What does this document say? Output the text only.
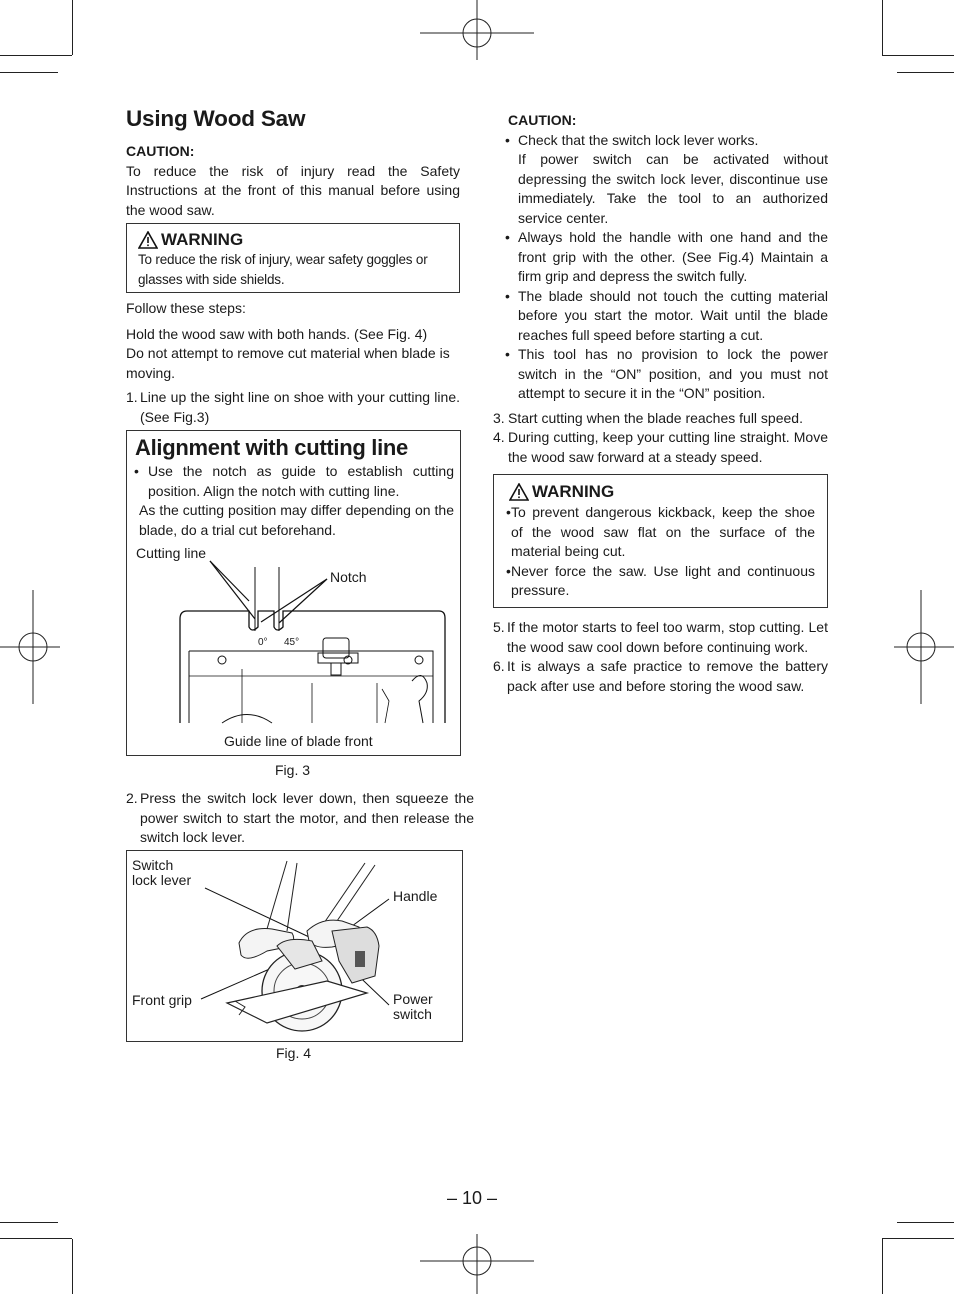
Using Wood Saw
CAUTION:

To reduce the risk of injury read the Safety Instructions at the front of this manual before using the wood saw.

WARNING

To reduce the risk of injury, wear safety goggles or glasses with side shields.

Follow these steps:

Hold the wood saw with both hands. (See Fig. 4)

Do not attempt to remove cut material when blade is moving.

1. Line up the sight line on shoe with your cutting line. (See Fig.3)
Alignment with cutting line
• Use the notch as guide to establish cutting position. Align the notch with cutting line.
As the cutting position may differ depending on the blade, do a trial cut beforehand.
Cutting line
Notch
0° 45°
Guide line of blade front
Fig. 3
2. Press the switch lock lever down, then squeeze the power switch to start the motor, and then release the switch lock lever.
Switch
lock lever
Handle
Front grip	Power
switch
Fig. 4
CAUTION:
• Check that the switch lock lever works.
If power switch can be activated without depressing the switch lock lever, discontinue use immediately. Take the tool to an authorized service center.
• Always hold the handle with one hand and the front grip with the other. (See Fig.4) Maintain a firm grip and depress the switch fully.
• The blade should not touch the cutting material before you start the motor. Wait until the blade reaches full speed before starting a cut.
• This tool has no provision to lock the power switch in the “ON” position, and you must not attempt to secure it in the “ON” position.
3. Start cutting when the blade reaches full speed.
4. During cutting, keep your cutting line straight. Move the wood saw forward at a steady speed.
WARNING
• To prevent dangerous kickback, keep the shoe of the wood saw flat on the surface of the material being cut.
• Never force the saw. Use light and continuous pressure.
5. If the motor starts to feel too warm, stop cutting. Let the wood saw cool down before continuing work.
6. It is always a safe practice to remove the battery pack after use and before storing the wood saw.
– 10 –
